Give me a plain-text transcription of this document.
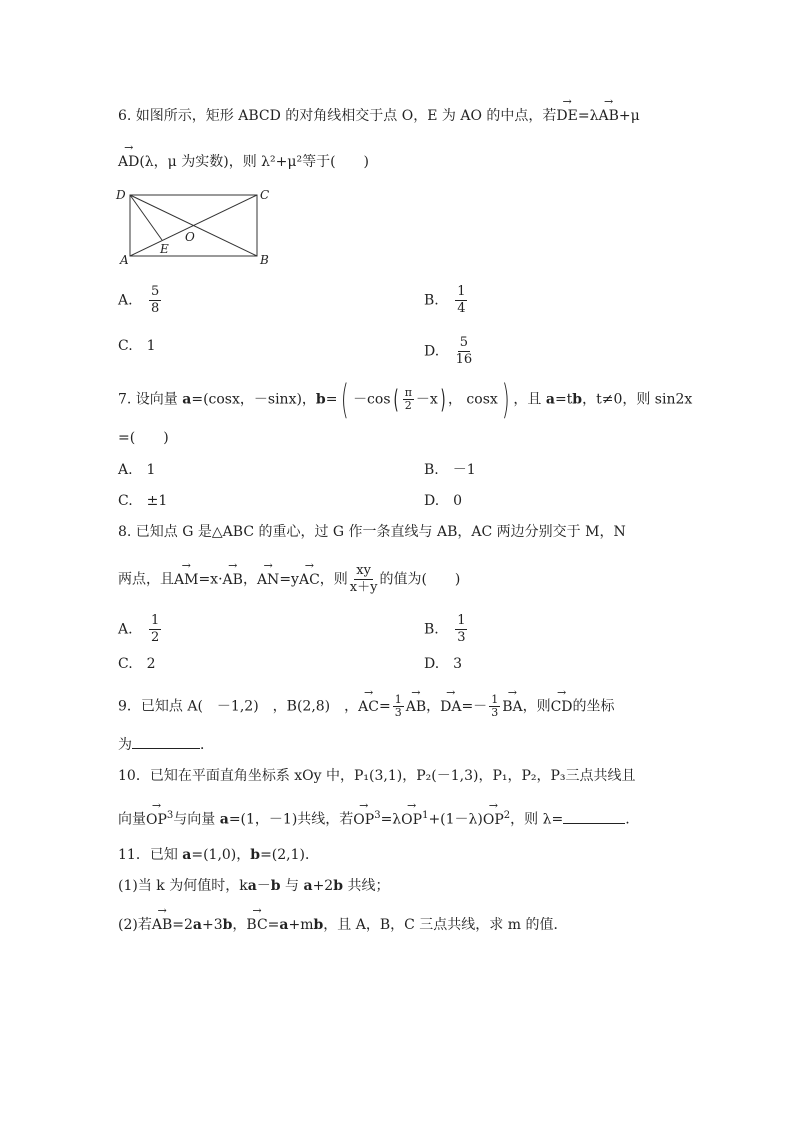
6. 如图所示，矩形 ABCD 的对角线相交于点 O，E 为 AO 的中点，若→ DE=λ→ AB+μ
→ AD(λ，μ 为实数)，则 λ²+μ²等于(　　)
D	C
A	B
O
E
A. $\frac{5}{8}$	B. $\frac{1}{4}$
C.　1	D. $\frac{5}{16}$
7. 设向量 a=(cosx，－sinx)，$b=( -\cos( \frac{\pi}{2} -x)$ ， cosx) ，且 a=tb，t≠0，则 sin2x
=(　　)
A.　1	B.　－1
C.　±1	D.　0
8. 已知点 G 是△ABC 的重心，过 G 作一条直线与 AB，AC 两边分别交于 M，N
两点，且→ AM=x·→ AB，→ AN=y→ AC，则 $\frac{xy}{x+y}$ 的值为(　　)
A. $\frac{1}{2}$	B. $\frac{1}{3}$
C.　2	D.　3
9．已知点 A(　－1,2)　，B(2,8)　，→ $AC= \frac{1}{3}$ → AB，→ $DA=- \frac{1}{3}$ → BA，则→ CD的坐标
为	．
10．已知在平面直角坐标系 xOy 中，P₁(3,1)，P₂(－1,3)，P₁，P₂，P₃三点共线且
向量→ $OP^3$与向量 a=(1，－1)共线，若→ $OP^3=\lambda\to OP^1+(1-\lambda)\to OP^2$，则 λ=	.
11．已知 a=(1,0)，b=(2,1)．
(1)当 k 为何值时，ka－b 与 a+2b 共线；
(2)若→ AB=2a+3b，→ BC=a+mb，且 A，B，C 三点共线，求 m 的值．
